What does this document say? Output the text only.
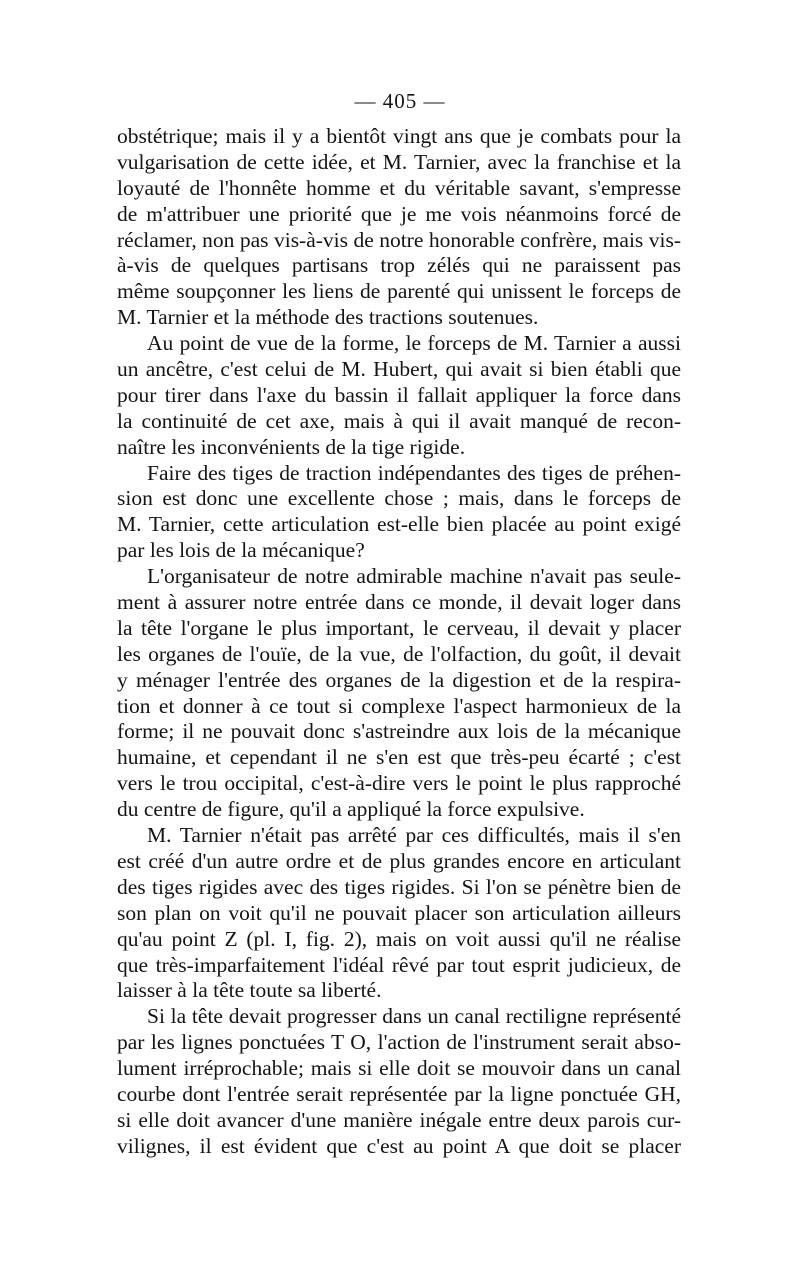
— 405 —
obstétrique; mais il y a bientôt vingt ans que je combats pour la
vulgarisation de cette idée, et M. Tarnier, avec la franchise et la
loyauté de l'honnête homme et du véritable savant, s'empresse
de m'attribuer une priorité que je me vois néanmoins forcé de
réclamer, non pas vis-à-vis de notre honorable confrère, mais vis-
à-vis de quelques partisans trop zélés qui ne paraissent pas
même soupçonner les liens de parenté qui unissent le forceps de
M. Tarnier et la méthode des tractions soutenues.
Au point de vue de la forme, le forceps de M. Tarnier a aussi
un ancêtre, c'est celui de M. Hubert, qui avait si bien établi que
pour tirer dans l'axe du bassin il fallait appliquer la force dans
la continuité de cet axe, mais à qui il avait manqué de recon-
naître les inconvénients de la tige rigide.
Faire des tiges de traction indépendantes des tiges de préhen-
sion est donc une excellente chose ; mais, dans le forceps de
M. Tarnier, cette articulation est-elle bien placée au point exigé
par les lois de la mécanique?
L'organisateur de notre admirable machine n'avait pas seule-
ment à assurer notre entrée dans ce monde, il devait loger dans
la tête l'organe le plus important, le cerveau, il devait y placer
les organes de l'ouïe, de la vue, de l'olfaction, du goût, il devait
y ménager l'entrée des organes de la digestion et de la respira-
tion et donner à ce tout si complexe l'aspect harmonieux de la
forme; il ne pouvait donc s'astreindre aux lois de la mécanique
humaine, et cependant il ne s'en est que très-peu écarté ; c'est
vers le trou occipital, c'est-à-dire vers le point le plus rapproché
du centre de figure, qu'il a appliqué la force expulsive.
M. Tarnier n'était pas arrêté par ces difficultés, mais il s'en
est créé d'un autre ordre et de plus grandes encore en articulant
des tiges rigides avec des tiges rigides. Si l'on se pénètre bien de
son plan on voit qu'il ne pouvait placer son articulation ailleurs
qu'au point Z (pl. I, fig. 2), mais on voit aussi qu'il ne réalise
que très-imparfaitement l'idéal rêvé par tout esprit judicieux, de
laisser à la tête toute sa liberté.
Si la tête devait progresser dans un canal rectiligne représenté
par les lignes ponctuées T O, l'action de l'instrument serait abso-
lument irréprochable; mais si elle doit se mouvoir dans un canal
courbe dont l'entrée serait représentée par la ligne ponctuée GH,
si elle doit avancer d'une manière inégale entre deux parois cur-
vilignes, il est évident que c'est au point A que doit se placer
